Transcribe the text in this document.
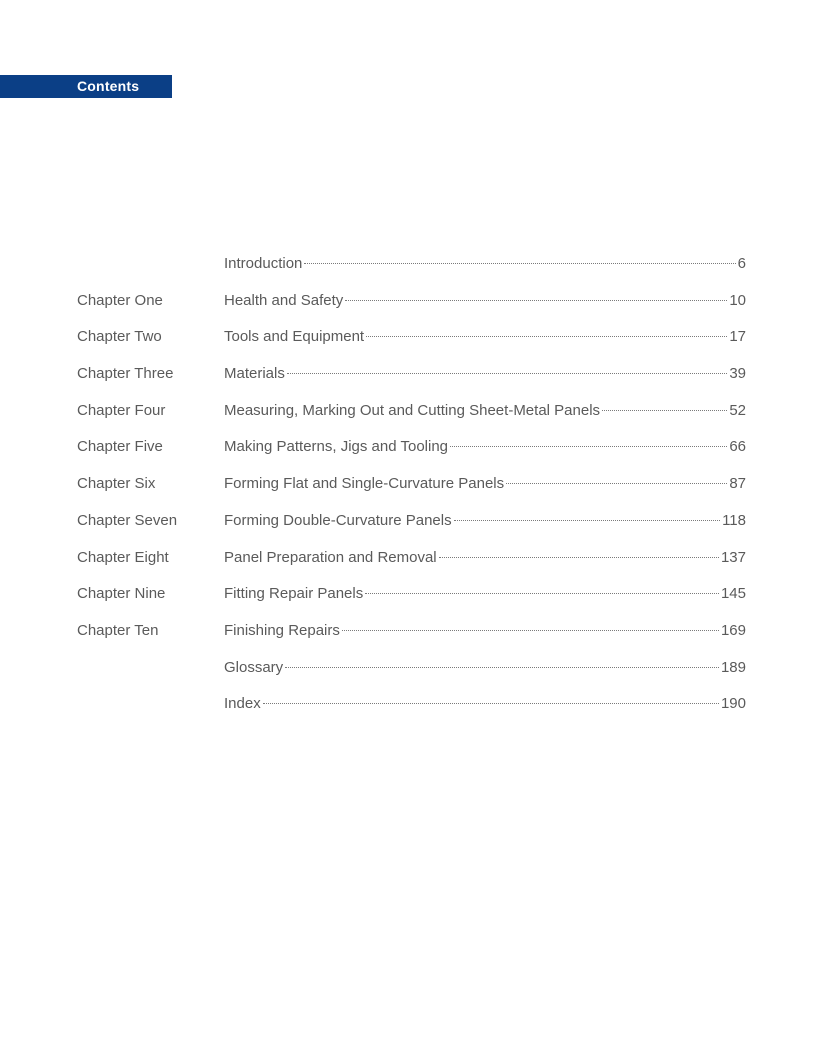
Contents
Introduction	6
Chapter One	Health and Safety	10
Chapter Two	Tools and Equipment	17
Chapter Three	Materials	39
Chapter Four	Measuring, Marking Out and Cutting Sheet-Metal Panels	52
Chapter Five	Making Patterns, Jigs and Tooling	66
Chapter Six	Forming Flat and Single-Curvature Panels	87
Chapter Seven	Forming Double-Curvature Panels	118
Chapter Eight	Panel Preparation and Removal	137
Chapter Nine	Fitting Repair Panels	145
Chapter Ten	Finishing Repairs	169
Glossary	189
Index	190
